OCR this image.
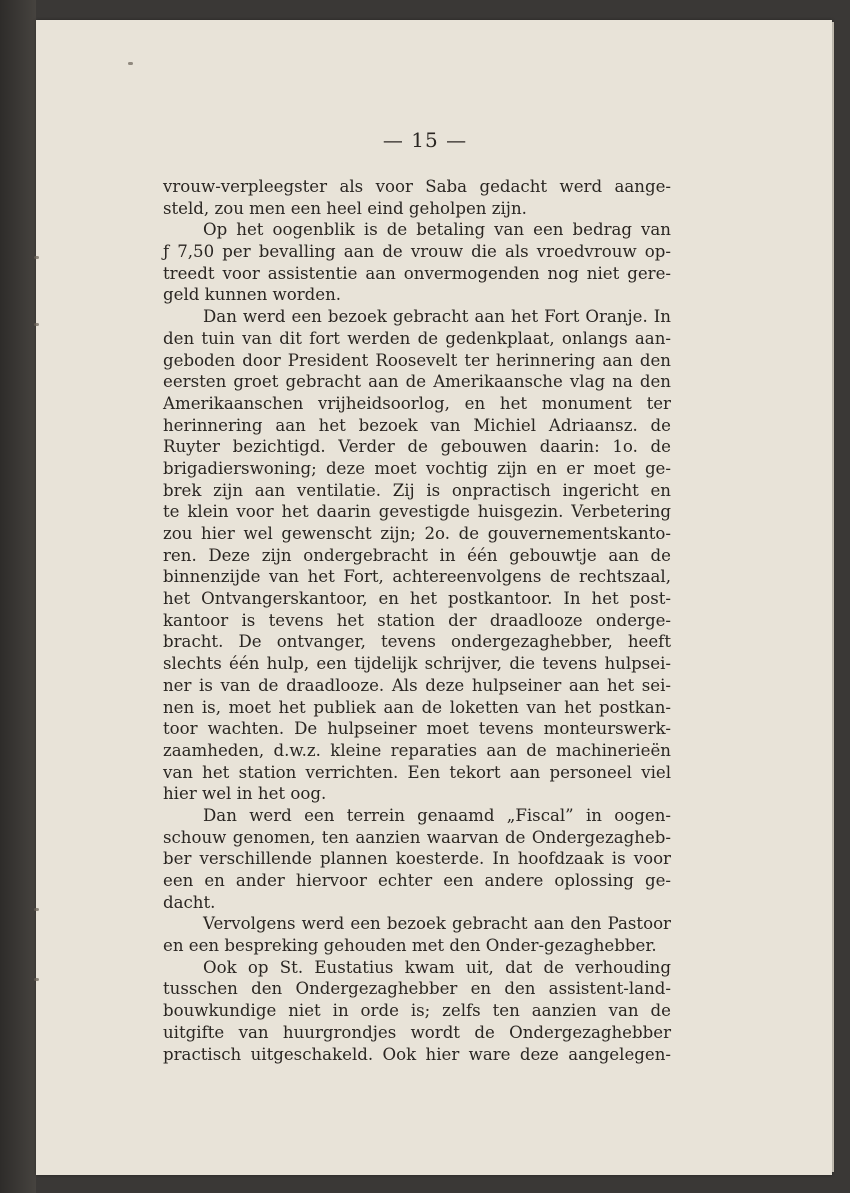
— 15 —
vrouw-verpleegster als voor Saba gedacht werd aange-
steld, zou men een heel eind geholpen zijn.
Op het oogenblik is de betaling van een bedrag van
ƒ 7,50 per bevalling aan de vrouw die als vroedvrouw op-
treedt voor assistentie aan onvermogenden nog niet gere-
geld kunnen worden.
Dan werd een bezoek gebracht aan het Fort Oranje. In
den tuin van dit fort werden de gedenkplaat, onlangs aan-
geboden door President Roosevelt ter herinnering aan den
eersten groet gebracht aan de Amerikaansche vlag na den
Amerikaanschen vrijheidsoorlog, en het monument ter
herinnering aan het bezoek van Michiel Adriaansz. de
Ruyter bezichtigd. Verder de gebouwen daarin: 1o. de
brigadierswoning; deze moet vochtig zijn en er moet ge-
brek zijn aan ventilatie. Zij is onpractisch ingericht en
te klein voor het daarin gevestigde huisgezin. Verbetering
zou hier wel gewenscht zijn; 2o. de gouvernementskanto-
ren. Deze zijn ondergebracht in één gebouwtje aan de
binnenzijde van het Fort, achtereenvolgens de rechtszaal,
het Ontvangerskantoor, en het postkantoor. In het post-
kantoor is tevens het station der draadlooze onderge-
bracht. De ontvanger, tevens ondergezaghebber, heeft
slechts één hulp, een tijdelijk schrijver, die tevens hulpsei-
ner is van de draadlooze. Als deze hulpseiner aan het sei-
nen is, moet het publiek aan de loketten van het postkan-
toor wachten. De hulpseiner moet tevens monteurswerk-
zaamheden, d.w.z. kleine reparaties aan de machinerieën
van het station verrichten. Een tekort aan personeel viel
hier wel in het oog.
Dan werd een terrein genaamd „Fiscal” in oogen-
schouw genomen, ten aanzien waarvan de Ondergezagheb-
ber verschillende plannen koesterde. In hoofdzaak is voor
een en ander hiervoor echter een andere oplossing ge-
dacht.
Vervolgens werd een bezoek gebracht aan den Pastoor
en een bespreking gehouden met den Onder-gezaghebber.
Ook op St. Eustatius kwam uit, dat de verhouding
tusschen den Ondergezaghebber en den assistent-land-
bouwkundige niet in orde is; zelfs ten aanzien van de
uitgifte van huurgrondjes wordt de Ondergezaghebber
practisch uitgeschakeld. Ook hier ware deze aangelegen-
